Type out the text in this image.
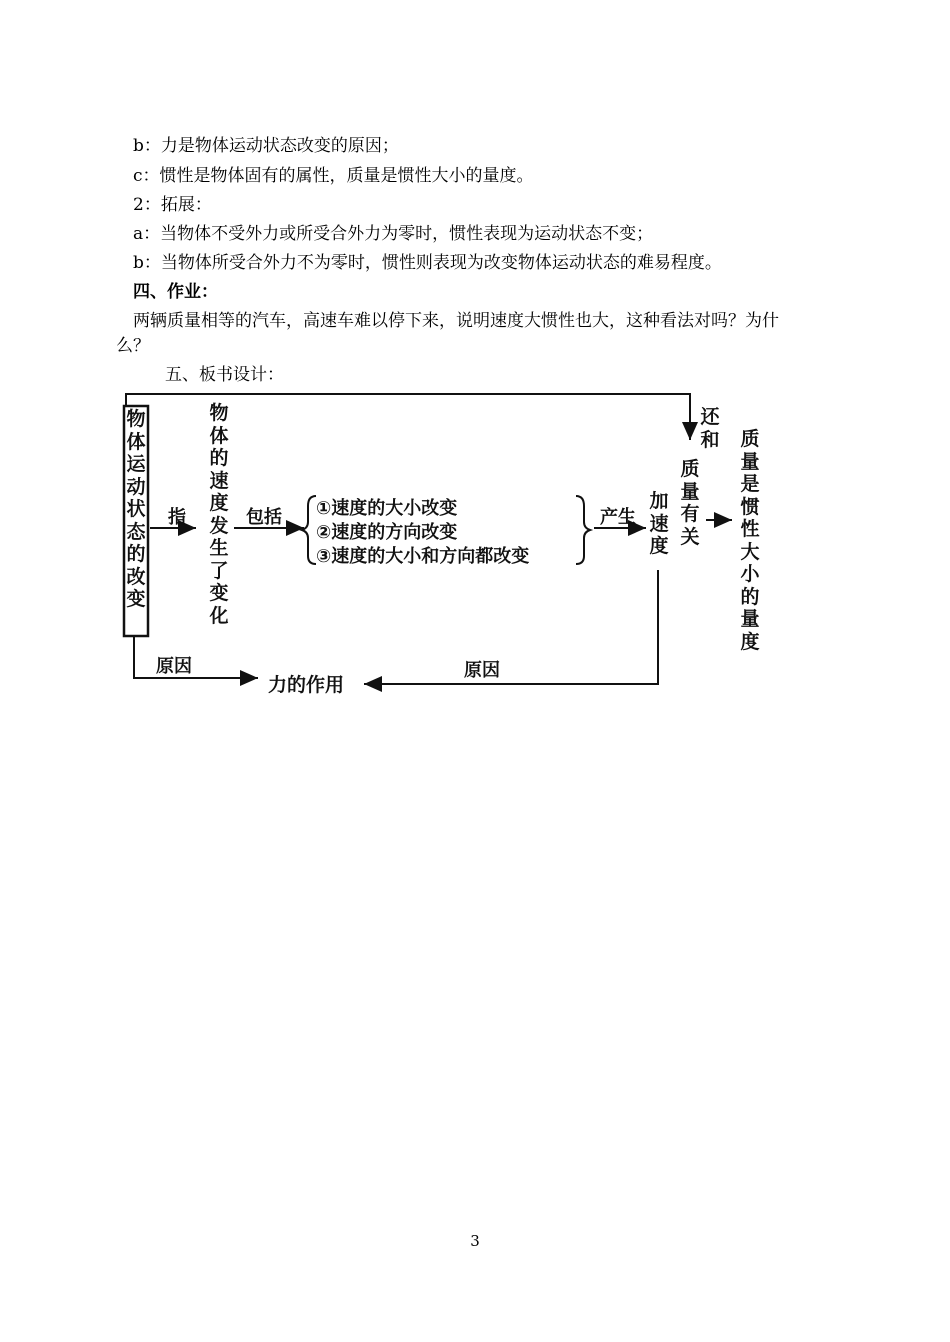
b：力是物体运动状态改变的原因；
c：惯性是物体固有的属性，质量是惯性大小的量度。
2：拓展：
a：当物体不受外力或所受合外力为零时，惯性表现为运动状态不变；
b：当物体所受合外力不为零时，惯性则表现为改变物体运动状态的难易程度。
四、作业：
两辆质量相等的汽车，高速车难以停下来，说明速度大惯性也大，这种看法对吗？为什
么？
五、板书设计：
物
体
运
动
状
态
的
改
变
物
体
的
速
度
发
生
了
变
化
指	包括 ①速度的大小改变
②速度的方向改变
③速度的大小和方向都改变
产生
加
速
度
质
量
有
关
还
和 质
量
是
惯
性
大
小
的
量
度
原因
力的作用
原因
3
